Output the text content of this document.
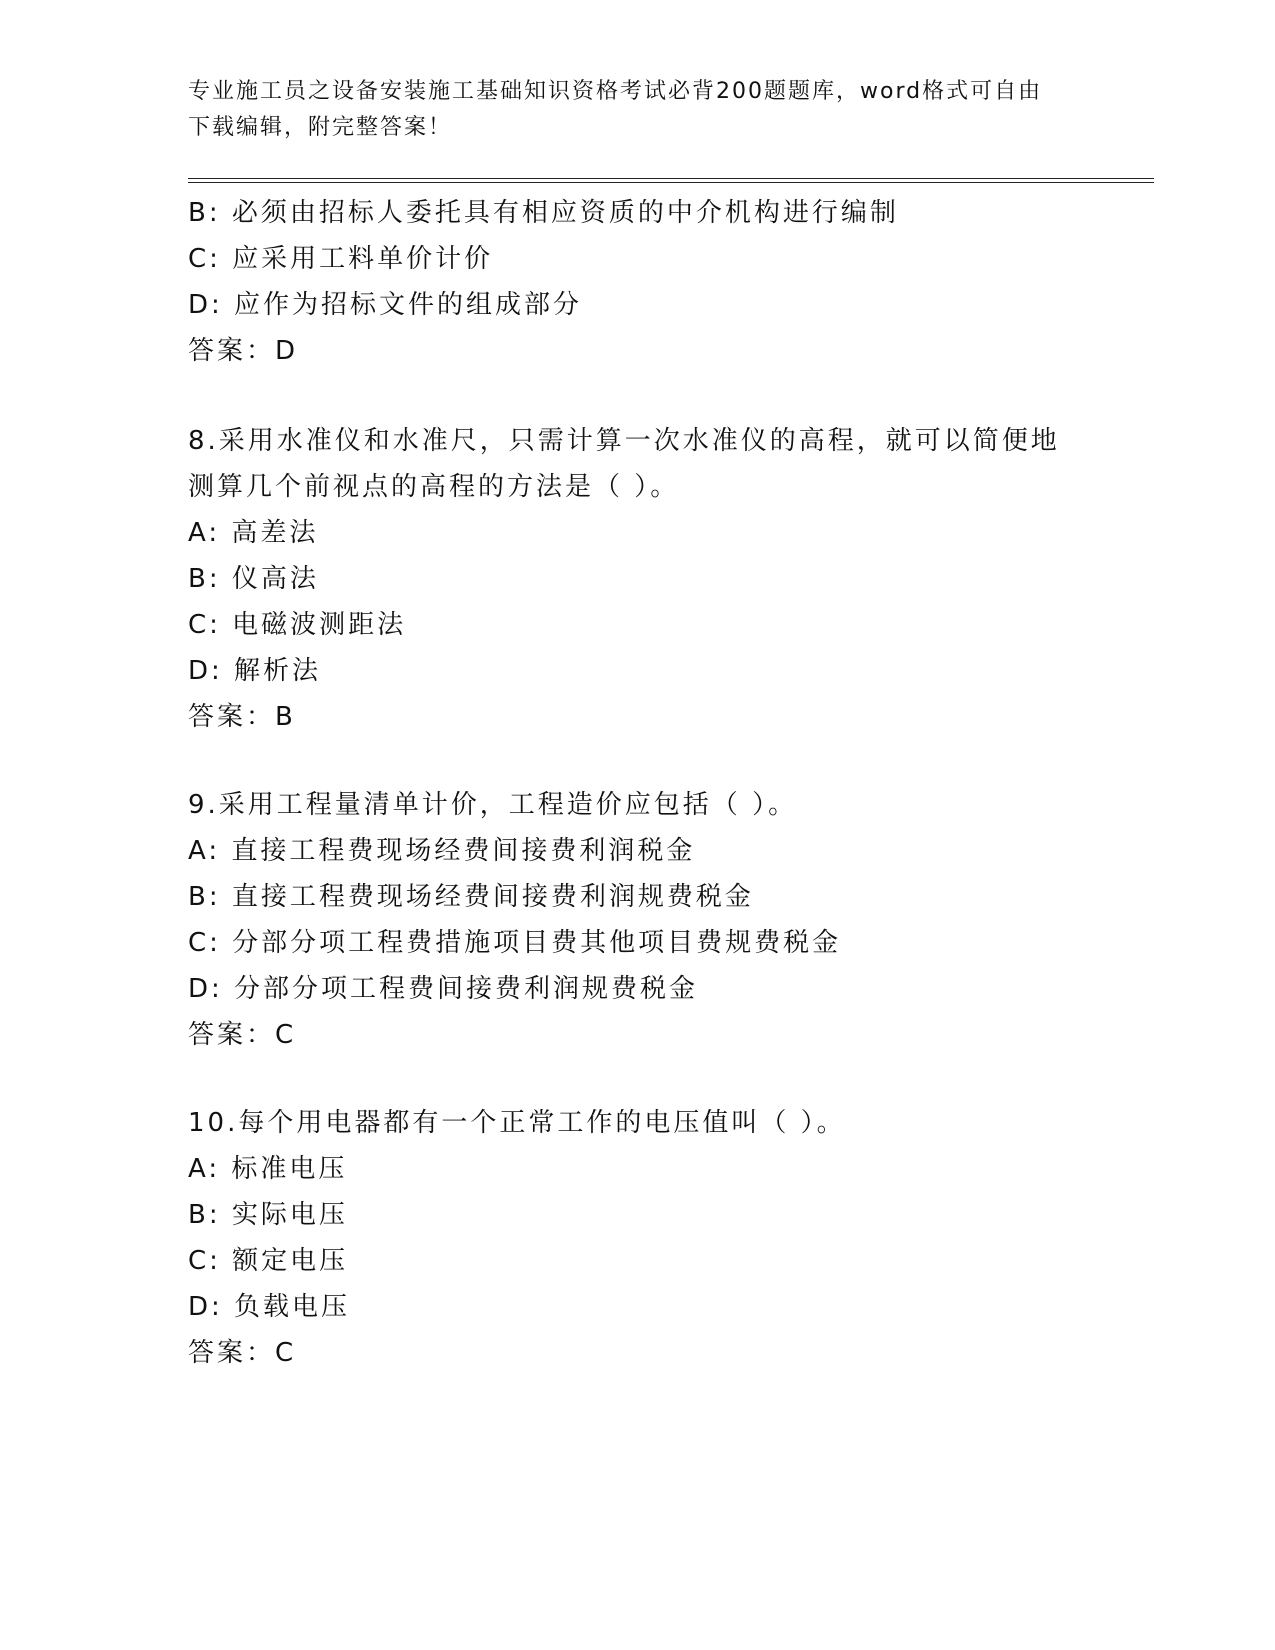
专业施工员之设备安装施工基础知识资格考试必背200题题库，word格式可自由
下载编辑，附完整答案！
B: 必须由招标人委托具有相应资质的中介机构进行编制
C: 应采用工料单价计价
D: 应作为招标文件的组成部分
答案：D
8.采用水准仪和水准尺，只需计算一次水准仪的高程，就可以简便地
测算几个前视点的高程的方法是（ ）。
A: 高差法
B: 仪高法
C: 电磁波测距法
D: 解析法
答案：B
9.采用工程量清单计价，工程造价应包括（ ）。
A: 直接工程费现场经费间接费利润税金
B: 直接工程费现场经费间接费利润规费税金
C: 分部分项工程费措施项目费其他项目费规费税金
D: 分部分项工程费间接费利润规费税金
答案：C
10.每个用电器都有一个正常工作的电压值叫（ ）。
A: 标准电压
B: 实际电压
C: 额定电压
D: 负载电压
答案：C
